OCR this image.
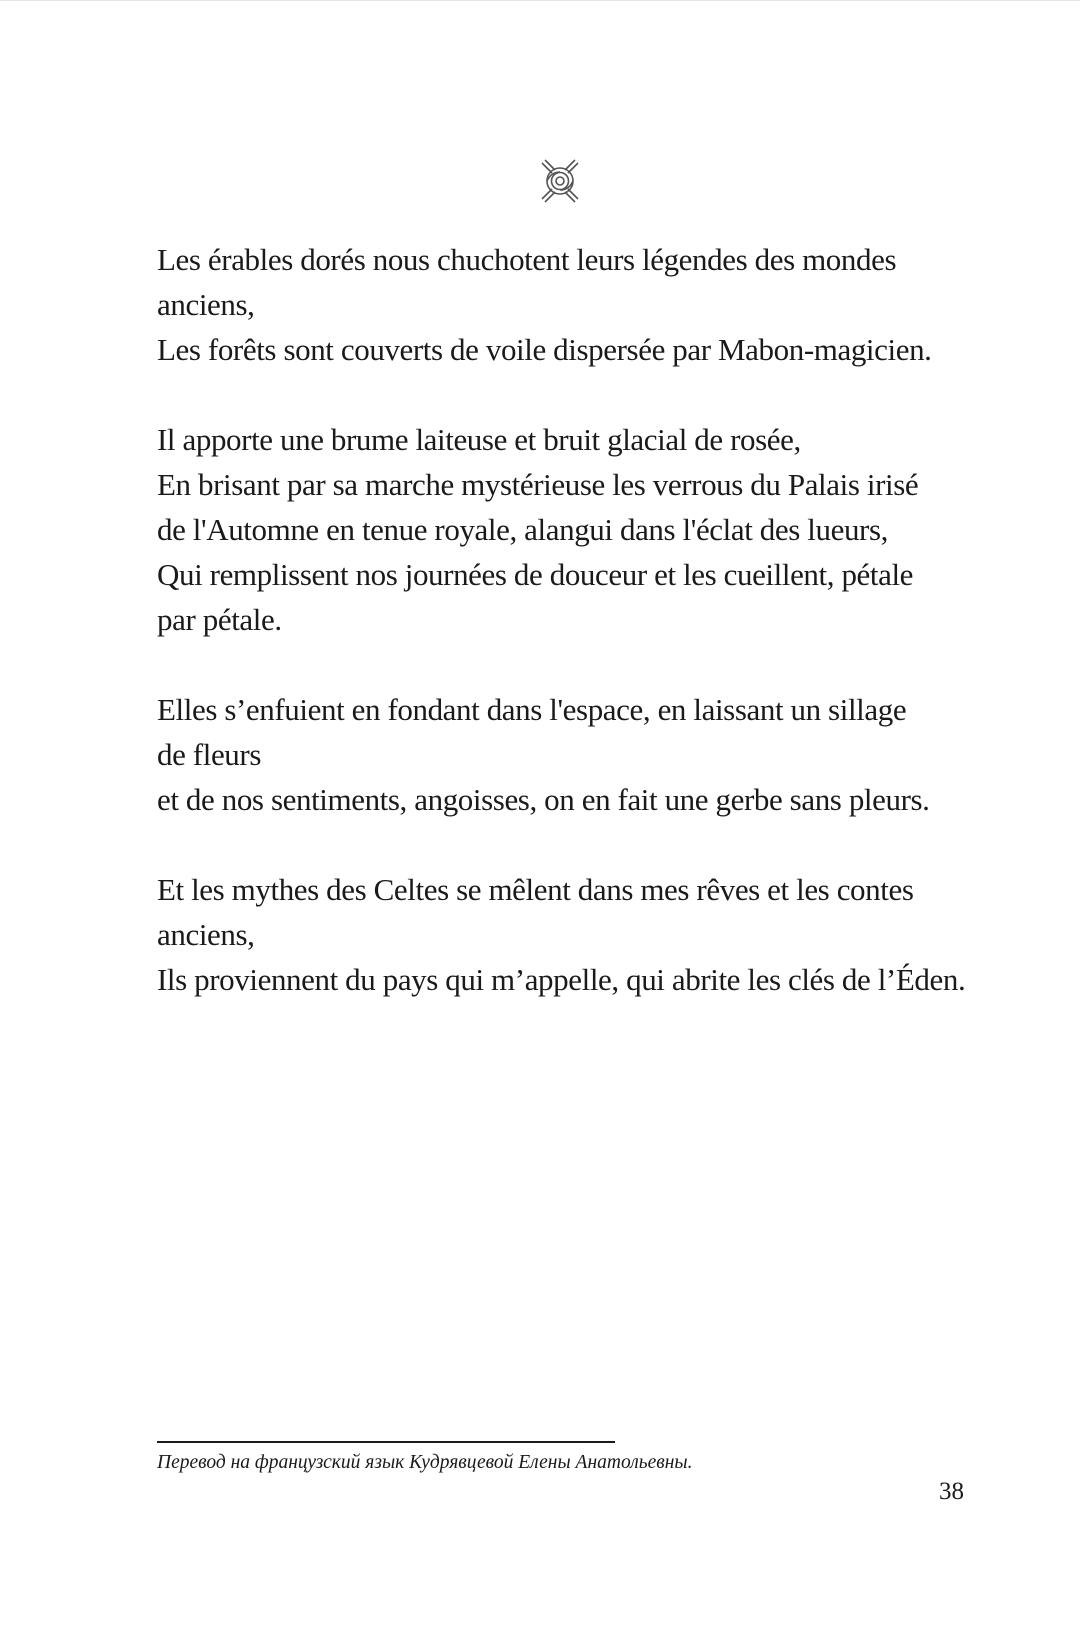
Les érables dorés nous chuchotent leurs légendes des mondes
anciens,
Les forêts sont couverts de voile dispersée par Mabon-magicien.
Il apporte une brume laiteuse et bruit glacial de rosée,
En brisant par sa marche mystérieuse les verrous du Palais irisé
de l'Automne en tenue royale, alangui dans l'éclat des lueurs,
Qui remplissent nos journées de douceur et les cueillent, pétale
par pétale.
Elles s’enfuient en fondant dans l'espace, en laissant un sillage
de fleurs
et de nos sentiments, angoisses, on en fait une gerbe sans pleurs.
Et les mythes des Celtes se mêlent dans mes rêves et les contes
anciens,
Ils proviennent du pays qui m’appelle, qui abrite les clés de l’Éden.
Перевод на французский язык Кудрявцевой Елены Анатольевны.
38
